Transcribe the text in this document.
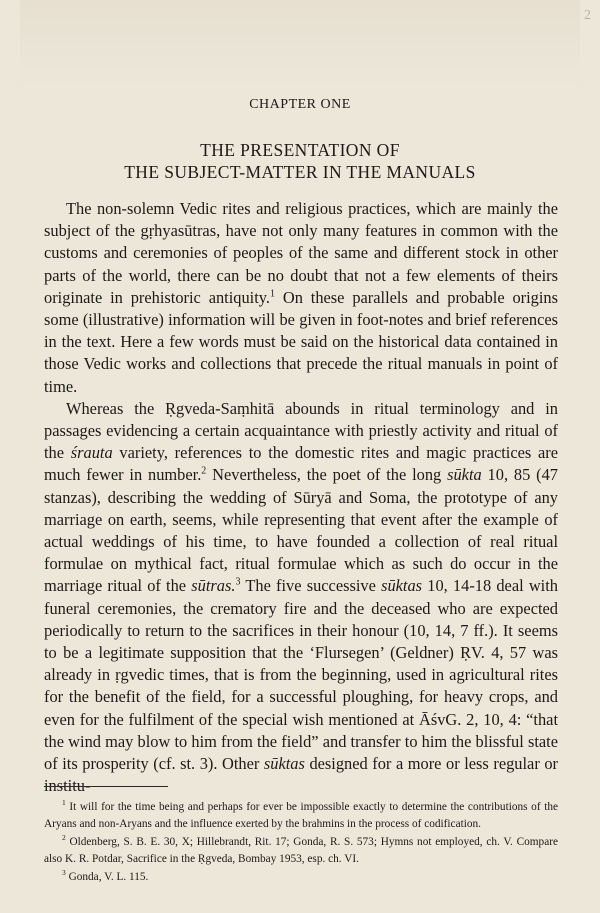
2
CHAPTER ONE
THE PRESENTATION OF
THE SUBJECT-MATTER IN THE MANUALS

The non-solemn Vedic rites and religious practices, which are mainly the subject of the gṛhyasūtras, have not only many features in common with the customs and ceremonies of peoples of the same and different stock in other parts of the world, there can be no doubt that not a few elements of theirs originate in prehistoric antiquity.$^1$ On these parallels and probable origins some (illustrative) information will be given in foot-notes and brief references in the text. Here a few words must be said on the historical data contained in those Vedic works and collections that precede the ritual manuals in point of time.

Whereas the Ṛgveda-Saṃhitā abounds in ritual terminology and in passages evidencing a certain acquaintance with priestly activity and ritual of the śrauta variety, references to the domestic rites and magic practices are much fewer in number.$^2$ Nevertheless, the poet of the long sūkta 10, 85 (47 stanzas), describing the wedding of Sūryā and Soma, the prototype of any marriage on earth, seems, while representing that event after the example of actual weddings of his time, to have founded a collection of real ritual formulae on mythical fact, ritual formulae which as such do occur in the marriage ritual of the sūtras.$^3$ The five successive sūktas 10, 14-18 deal with funeral ceremonies, the crematory fire and the deceased who are expected periodically to return to the sacrifices in their honour (10, 14, 7 ff.). It seems to be a legitimate supposition that the ‘Flursegen’ (Geldner) ṚV. 4, 57 was already in ṛgvedic times, that is from the beginning, used in agricultural rites for the benefit of the field, for a successful ploughing, for heavy crops, and even for the fulfilment of the special wish mentioned at ĀśvG. 2, 10, 4: “that the wind may blow to him from the field” and transfer to him the blissful state of its prosperity (cf. st. 3). Other sūktas designed for a more or less regular or institu-

$^1$ It will for the time being and perhaps for ever be impossible exactly to determine the contributions of the Aryans and non-Aryans and the influence exerted by the brahmins in the process of codification.

$^2$ Oldenberg, S. B. E. 30, X; Hillebrandt, Rit. 17; Gonda, R. S. 573; Hymns not employed, ch. V. Compare also K. R. Potdar, Sacrifice in the Ṛgveda, Bombay 1953, esp. ch. VI.

$^3$ Gonda, V. L. 115.
